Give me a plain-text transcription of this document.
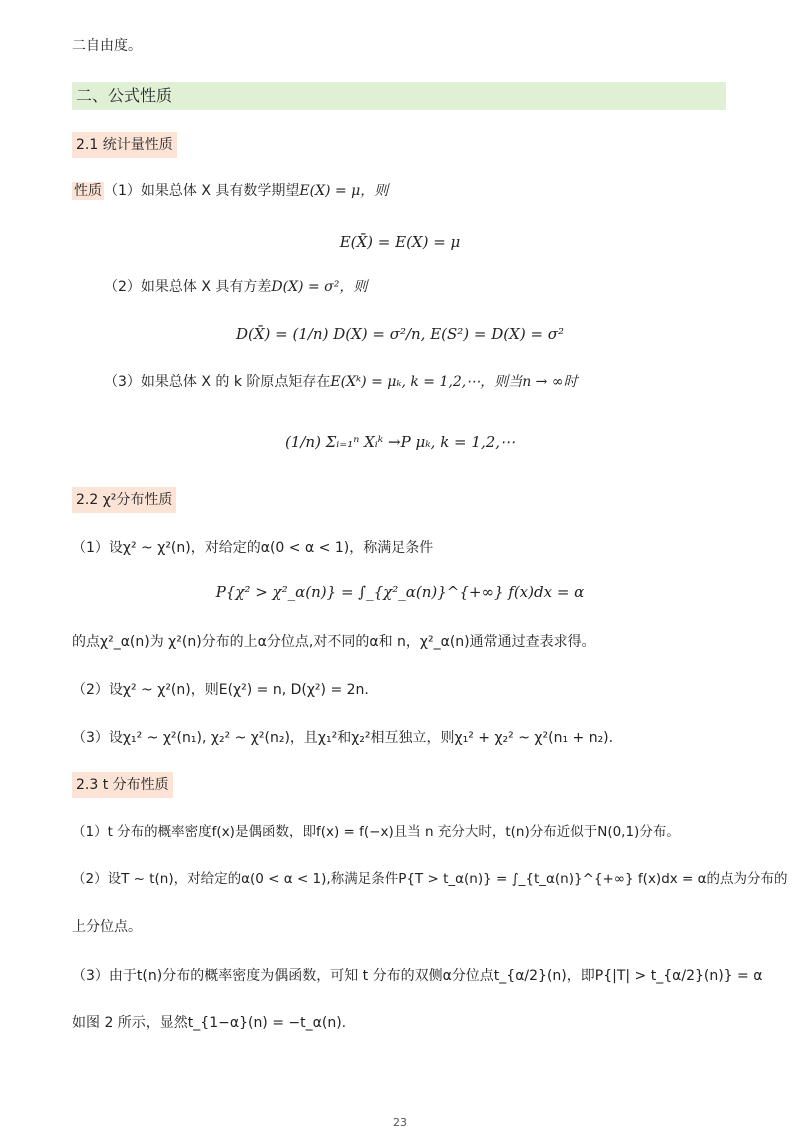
二自由度。
二、公式性质
2.1 统计量性质
性质 （1）如果总体 X 具有数学期望E(X) = μ，则
E(X̄) = E(X) = μ
（2）如果总体 X 具有方差D(X) = σ²，则
D(X̄) = (1/n) D(X) = σ²/n, E(S²) = D(X) = σ²
（3）如果总体 X 的 k 阶原点矩存在E(Xᵏ) = μₖ, k = 1,2,⋯，则当n → ∞时
(1/n) Σᵢ₌₁ⁿ Xᵢᵏ →P μₖ, k = 1,2,⋯
2.2 χ²分布性质
（1）设χ² ~ χ²(n)，对给定的α(0 < α < 1)，称满足条件
P{χ² > χ²_α(n)} = ∫_{χ²_α(n)}^{+∞} f(x)dx = α
的点χ²_α(n)为 χ²(n)分布的上α分位点,对不同的α和 n，χ²_α(n)通常通过查表求得。
（2）设χ² ~ χ²(n)，则E(χ²) = n, D(χ²) = 2n.
（3）设χ₁² ~ χ²(n₁), χ₂² ~ χ²(n₂)，且χ₁²和χ₂²相互独立，则χ₁² + χ₂² ~ χ²(n₁ + n₂).
2.3 t 分布性质
（1）t 分布的概率密度f(x)是偶函数，即f(x) = f(−x)且当 n 充分大时，t(n)分布近似于N(0,1)分布。
（2）设T ~ t(n)，对给定的α(0 < α < 1),称满足条件P{T > t_α(n)} = ∫_{t_α(n)}^{+∞} f(x)dx = α的点为分布的
上分位点。
（3）由于t(n)分布的概率密度为偶函数，可知 t 分布的双侧α分位点t_{α/2}(n)，即P{|T| > t_{α/2}(n)} = α
如图 2 所示，显然t_{1−α}(n) = −t_α(n).
23
